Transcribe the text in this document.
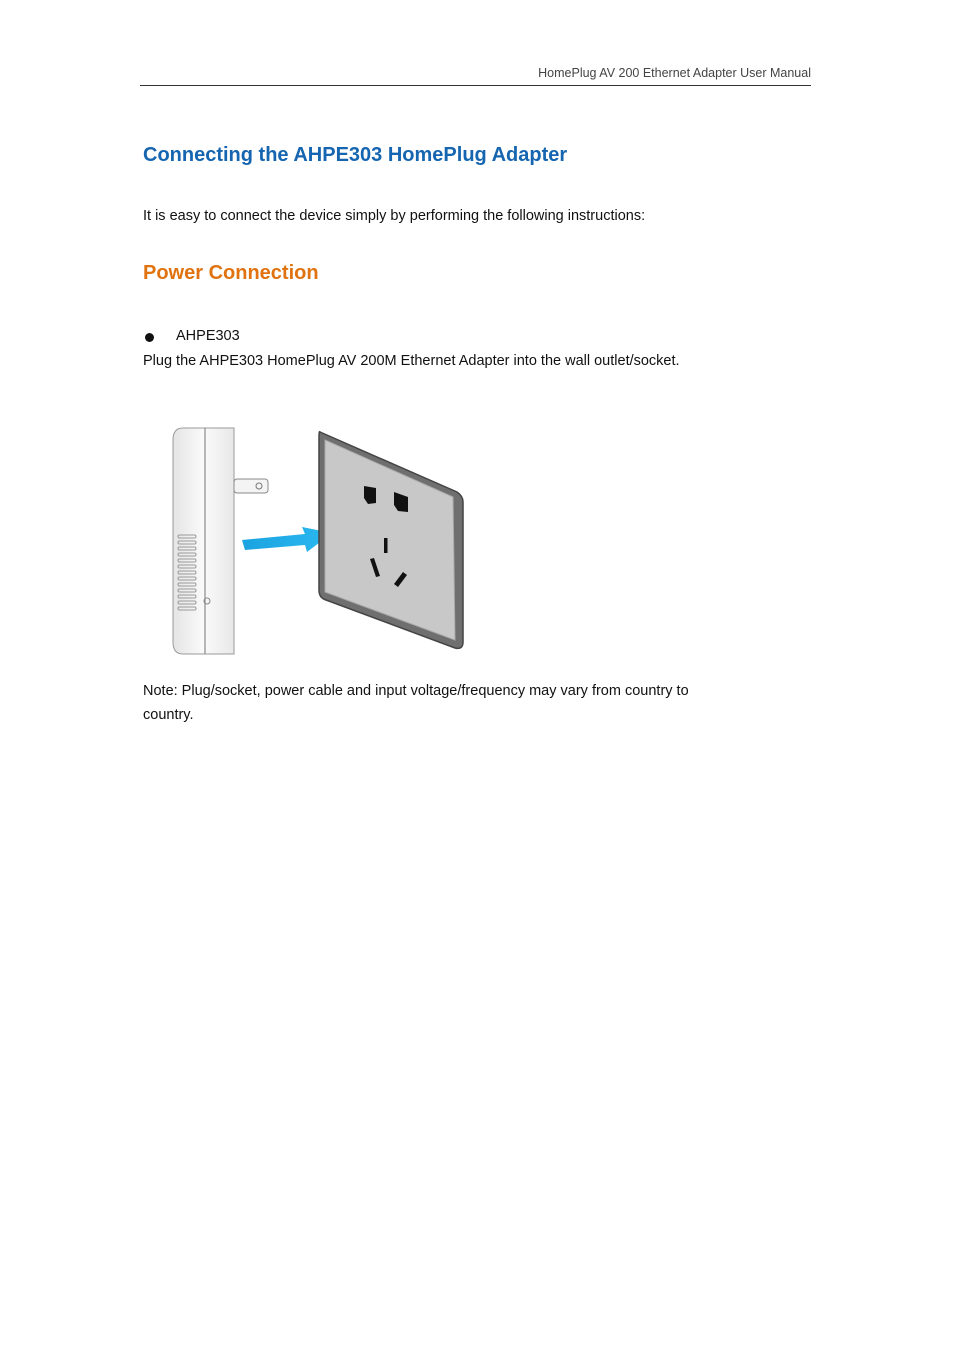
HomePlug AV 200 Ethernet Adapter User Manual
Connecting the AHPE303 HomePlug Adapter
It is easy to connect the device simply by performing the following instructions:
Power Connection
AHPE303
Plug the AHPE303 HomePlug AV 200M Ethernet Adapter into the wall outlet/socket.
Note: Plug/socket, power cable and input voltage/frequency may vary from country to country.
